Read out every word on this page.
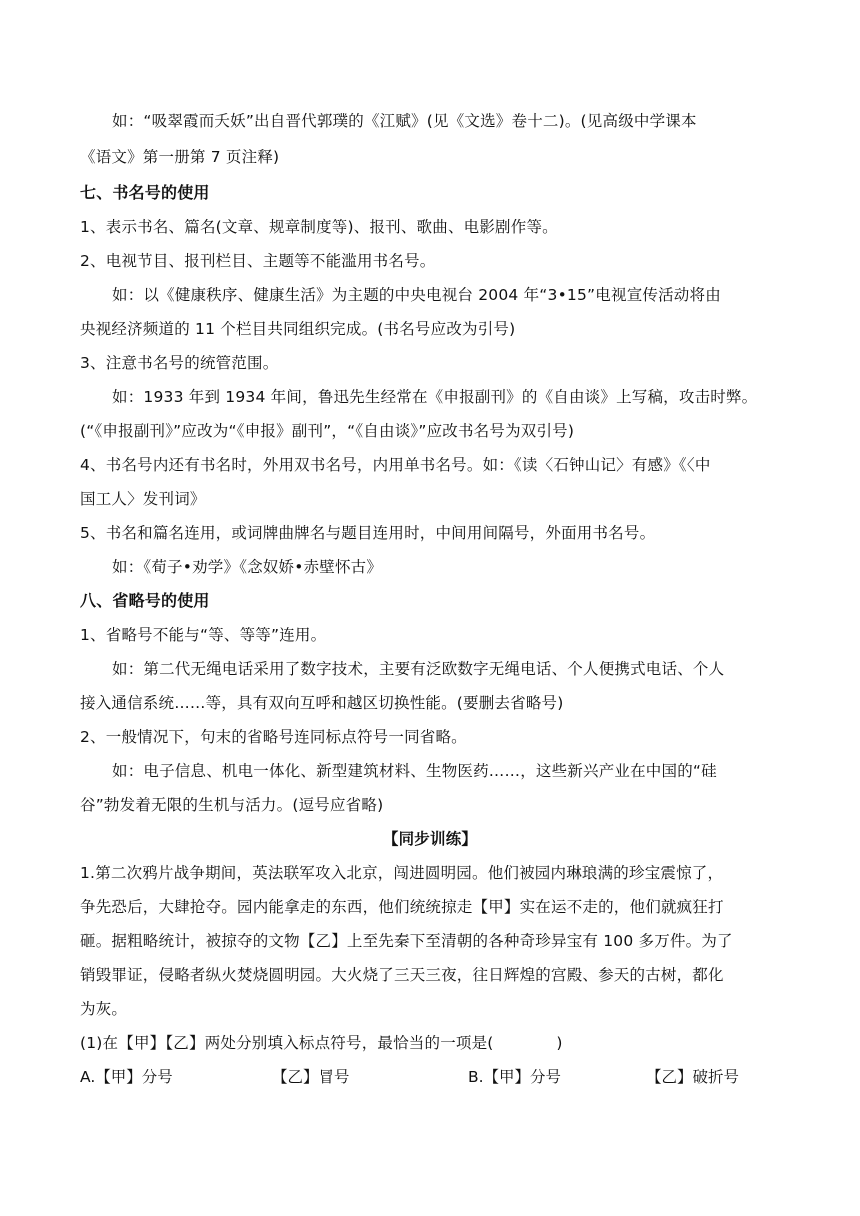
如：“吸翠霞而夭妖”出自晋代郭璞的《江赋》(见《文选》卷十二)。(见高级中学课本
《语文》第一册第 7 页注释)
七、书名号的使用
1、表示书名、篇名(文章、规章制度等)、报刊、歌曲、电影剧作等。
2、电视节目、报刊栏目、主题等不能滥用书名号。
如：以《健康秩序、健康生活》为主题的中央电视台 2004 年“3•15”电视宣传活动将由
央视经济频道的 11 个栏目共同组织完成。(书名号应改为引号)
3、注意书名号的统管范围。
如：1933 年到 1934 年间，鲁迅先生经常在《申报副刊》的《自由谈》上写稿，攻击时弊。
(“《申报副刊》”应改为“《申报》副刊”，“《自由谈》”应改书名号为双引号)
4、书名号内还有书名时，外用双书名号，内用单书名号。如：《读〈石钟山记〉有感》《〈中
国工人〉发刊词》
5、书名和篇名连用，或词牌曲牌名与题目连用时，中间用间隔号，外面用书名号。
如：《荀子•劝学》《念奴娇•赤壁怀古》
八、省略号的使用
1、省略号不能与“等、等等”连用。
如：第二代无绳电话采用了数字技术，主要有泛欧数字无绳电话、个人便携式电话、个人
接入通信系统……等，具有双向互呼和越区切换性能。(要删去省略号)
2、一般情况下，句末的省略号连同标点符号一同省略。
如：电子信息、机电一体化、新型建筑材料、生物医药……，这些新兴产业在中国的“硅
谷”勃发着无限的生机与活力。(逗号应省略)
【同步训练】
1.第二次鸦片战争期间，英法联军攻入北京，闯进圆明园。他们被园内琳琅满的珍宝震惊了，
争先恐后，大肆抢夺。园内能拿走的东西，他们统统掠走【甲】实在运不走的，他们就疯狂打
砸。据粗略统计，被掠夺的文物【乙】上至先秦下至清朝的各种奇珍异宝有 100 多万件。为了
销毁罪证，侵略者纵火焚烧圆明园。大火烧了三天三夜，往日辉煌的宫殿、参天的古树，都化
为灰。
(1)在【甲】【乙】两处分别填入标点符号，最恰当的一项是(　　　　)
A.【甲】分号	【乙】冒号	B.【甲】分号	【乙】破折号
